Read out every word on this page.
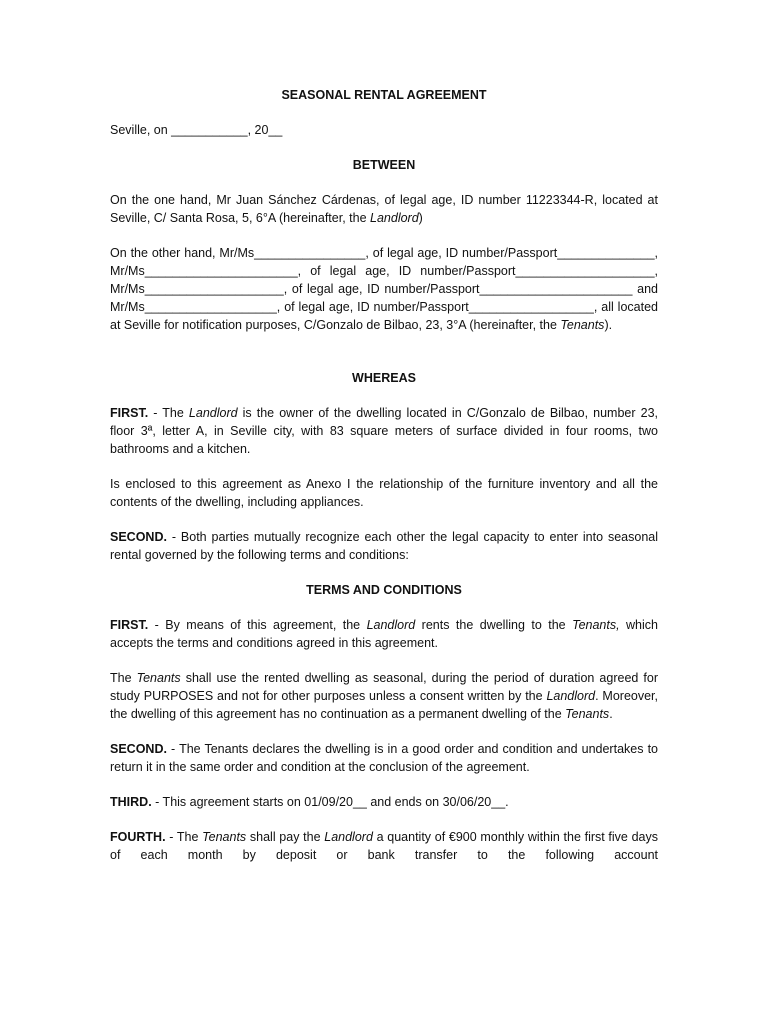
SEASONAL RENTAL AGREEMENT

Seville, on ___________, 20__

BETWEEN

On the one hand, Mr Juan Sánchez Cárdenas, of legal age, ID number 11223344-R, located at Seville, C/ Santa Rosa, 5, 6°A (hereinafter, the Landlord)

On the other hand, Mr/Ms________________, of legal age, ID number/Passport______________, Mr/Ms______________________, of legal age, ID number/Passport____________________, Mr/Ms____________________, of legal age, ID number/Passport______________________ and Mr/Ms___________________, of legal age, ID number/Passport__________________, all located at Seville for notification purposes, C/Gonzalo de Bilbao, 23, 3°A (hereinafter, the Tenants).

WHEREAS

FIRST. - The Landlord is the owner of the dwelling located in C/Gonzalo de Bilbao, number 23, floor 3ª, letter A, in Seville city, with 83 square meters of surface divided in four rooms, two bathrooms and a kitchen.

Is enclosed to this agreement as Anexo I the relationship of the furniture inventory and all the contents of the dwelling, including appliances.

SECOND. - Both parties mutually recognize each other the legal capacity to enter into seasonal rental governed by the following terms and conditions:

TERMS AND CONDITIONS

FIRST. - By means of this agreement, the Landlord rents the dwelling to the Tenants, which accepts the terms and conditions agreed in this agreement.

The Tenants shall use the rented dwelling as seasonal, during the period of duration agreed for study PURPOSES and not for other purposes unless a consent written by the Landlord. Moreover, the dwelling of this agreement has no continuation as a permanent dwelling of the Tenants.

SECOND. - The Tenants declares the dwelling is in a good order and condition and undertakes to return it in the same order and condition at the conclusion of the agreement.

THIRD. - This agreement starts on 01/09/20__ and ends on 30/06/20__.

FOURTH. - The Tenants shall pay the Landlord a quantity of €900 monthly within the first five days of each month by deposit or bank transfer to the following account
